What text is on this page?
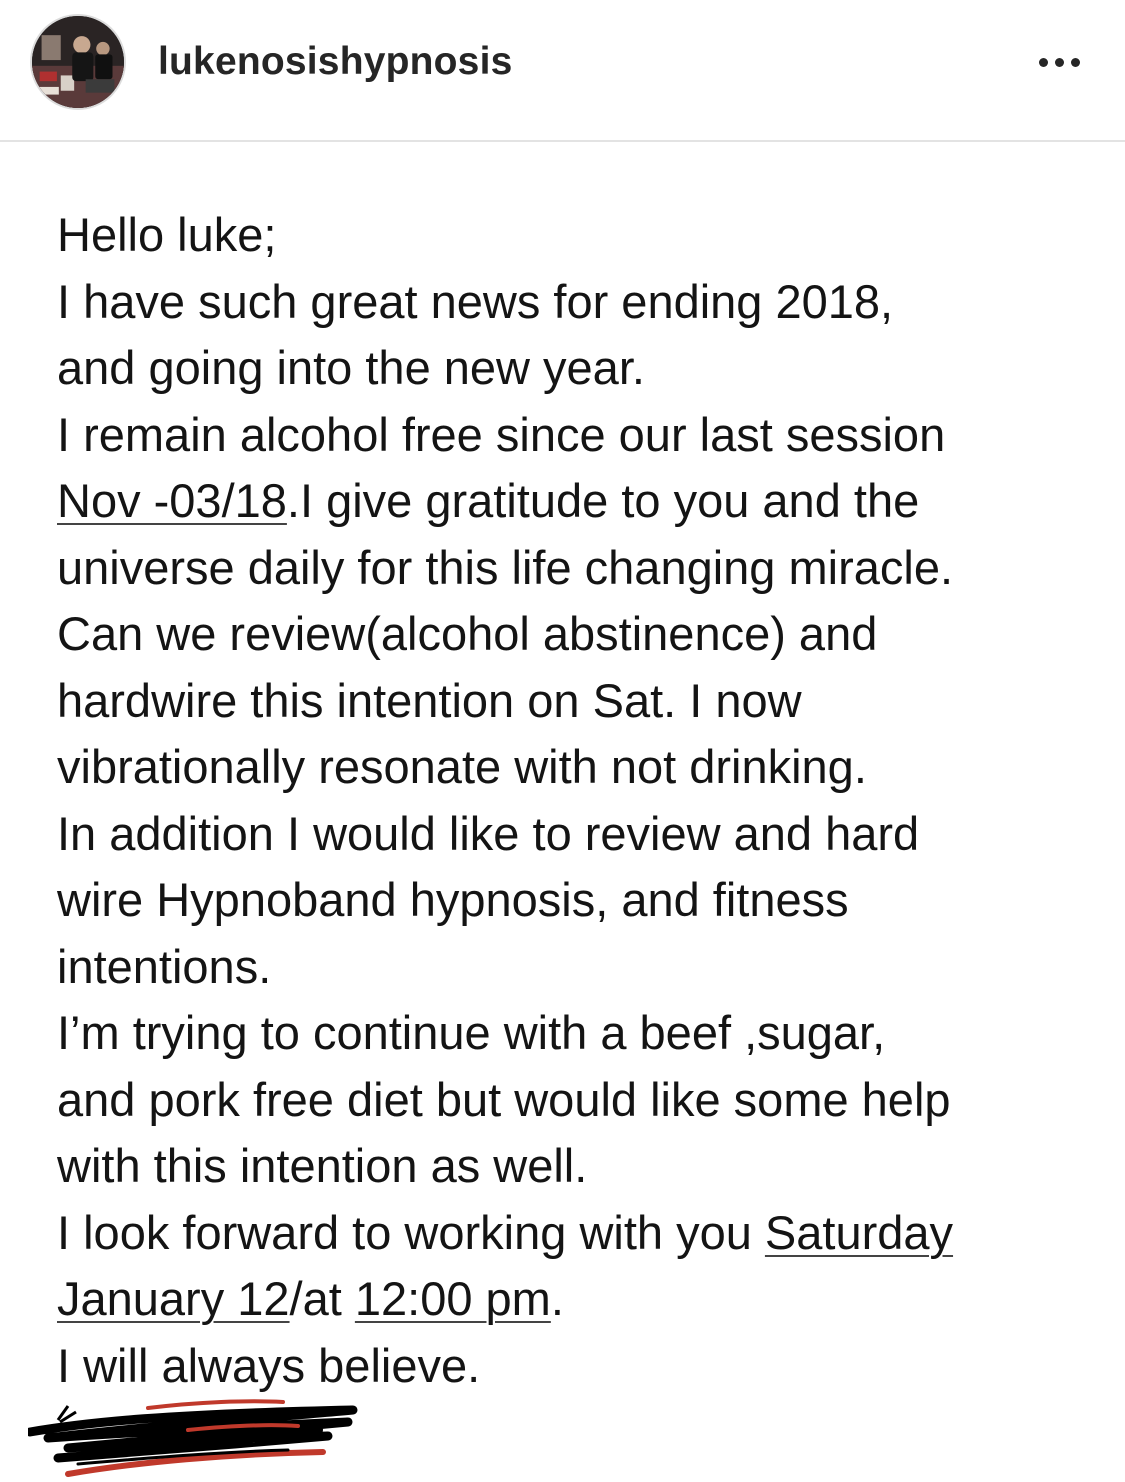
lukenosishypnosis
Hello luke;
I have such great news for ending 2018,
and going into the new year.
I remain alcohol free since our last session
Nov -03/18.I give gratitude to you and the
universe daily for this life changing miracle.
Can we review(alcohol abstinence) and
hardwire this intention on Sat. I now
vibrationally resonate with not drinking.
In addition I would like to review and hard
wire Hypnoband hypnosis, and fitness
intentions.
I’m trying to continue with a beef ,sugar,
and pork free diet but would like some help
with this intention as well.
I look forward to working with you Saturday
January 12/at 12:00 pm.
I will always believe.
